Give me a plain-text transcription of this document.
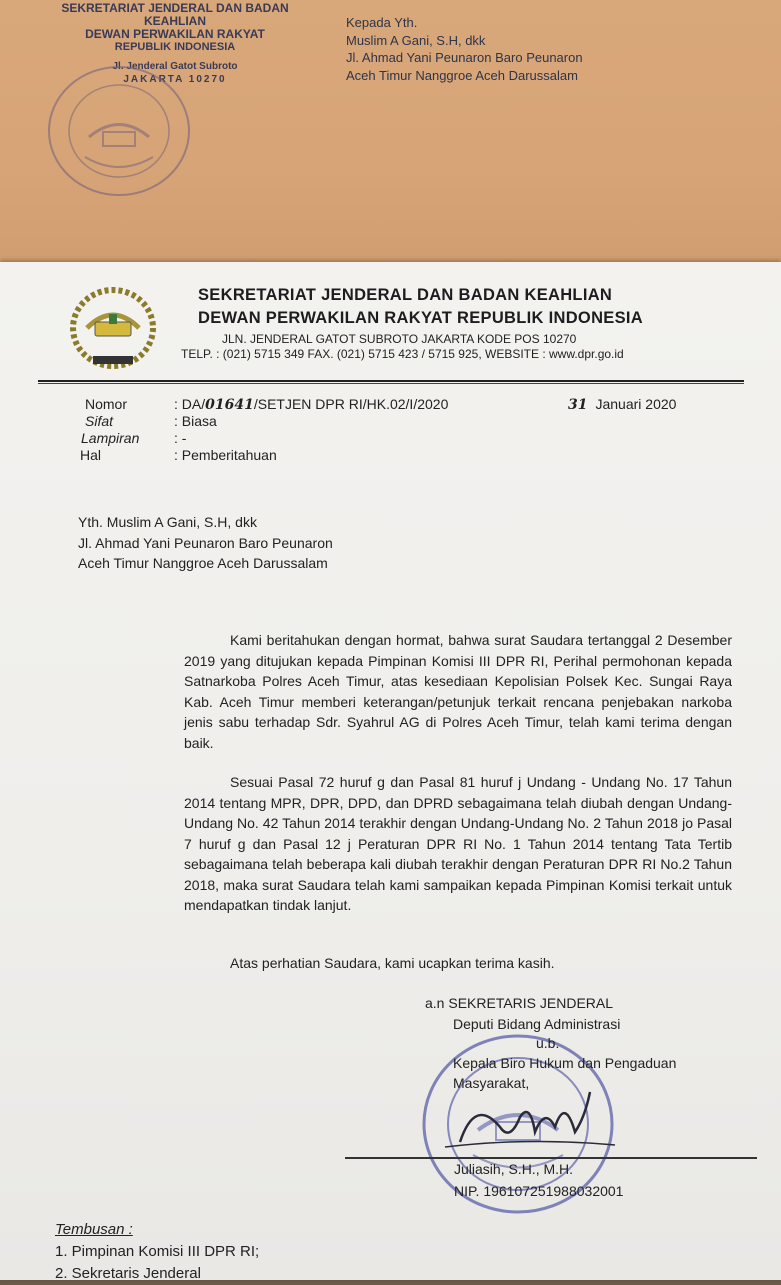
SEKRETARIAT JENDERAL DAN BADAN KEAHLIAN
DEWAN PERWAKILAN RAKYAT
REPUBLIK INDONESIA
Jl. Jenderal Gatot Subroto
JAKARTA 10270
Kepada Yth.
Muslim A Gani, S.H, dkk
Jl. Ahmad Yani Peunaron Baro Peunaron
Aceh Timur Nanggroe Aceh Darussalam
SEKRETARIAT JENDERAL DAN BADAN KEAHLIAN
DEWAN PERWAKILAN RAKYAT REPUBLIK INDONESIA
JLN. JENDERAL GATOT SUBROTO JAKARTA KODE POS 10270
TELP. : (021) 5715 349 FAX. (021) 5715 423 / 5715 925, WEBSITE : www.dpr.go.id
Nomor	: DA/01641/SETJEN DPR RI/HK.02/I/2020
Sifat	: Biasa
Lampiran : -
Hal	: Pemberitahuan
31 Januari 2020
Yth. Muslim A Gani, S.H, dkk
Jl. Ahmad Yani Peunaron Baro Peunaron
Aceh Timur Nanggroe Aceh Darussalam
Kami beritahukan dengan hormat, bahwa surat Saudara tertanggal 2 Desember 2019 yang ditujukan kepada Pimpinan Komisi III DPR RI, Perihal permohonan kepada Satnarkoba Polres Aceh Timur, atas kesediaan Kepolisian Polsek Kec. Sungai Raya Kab. Aceh Timur memberi keterangan/petunjuk terkait rencana penjebakan narkoba jenis sabu terhadap Sdr. Syahrul AG di Polres Aceh Timur, telah kami terima dengan baik.
Sesuai Pasal 72 huruf g dan Pasal 81 huruf j Undang - Undang No. 17 Tahun 2014 tentang MPR, DPR, DPD, dan DPRD sebagaimana telah diubah dengan Undang-Undang No. 42 Tahun 2014 terakhir dengan Undang-Undang No. 2 Tahun 2018 jo Pasal 7 huruf g dan Pasal 12 j Peraturan DPR RI No. 1 Tahun 2014 tentang Tata Tertib sebagaimana telah beberapa kali diubah terakhir dengan Peraturan DPR RI No.2 Tahun 2018, maka surat Saudara telah kami sampaikan kepada Pimpinan Komisi terkait untuk mendapatkan tindak lanjut.
Atas perhatian Saudara, kami ucapkan terima kasih.
a.n SEKRETARIS JENDERAL
Deputi Bidang Administrasi
u.b.
Kepala Biro Hukum dan Pengaduan
Masyarakat,
Juliasih, S.H., M.H.
NIP. 196107251988032001
Tembusan :
1. Pimpinan Komisi III DPR RI;
2. Sekretaris Jenderal
